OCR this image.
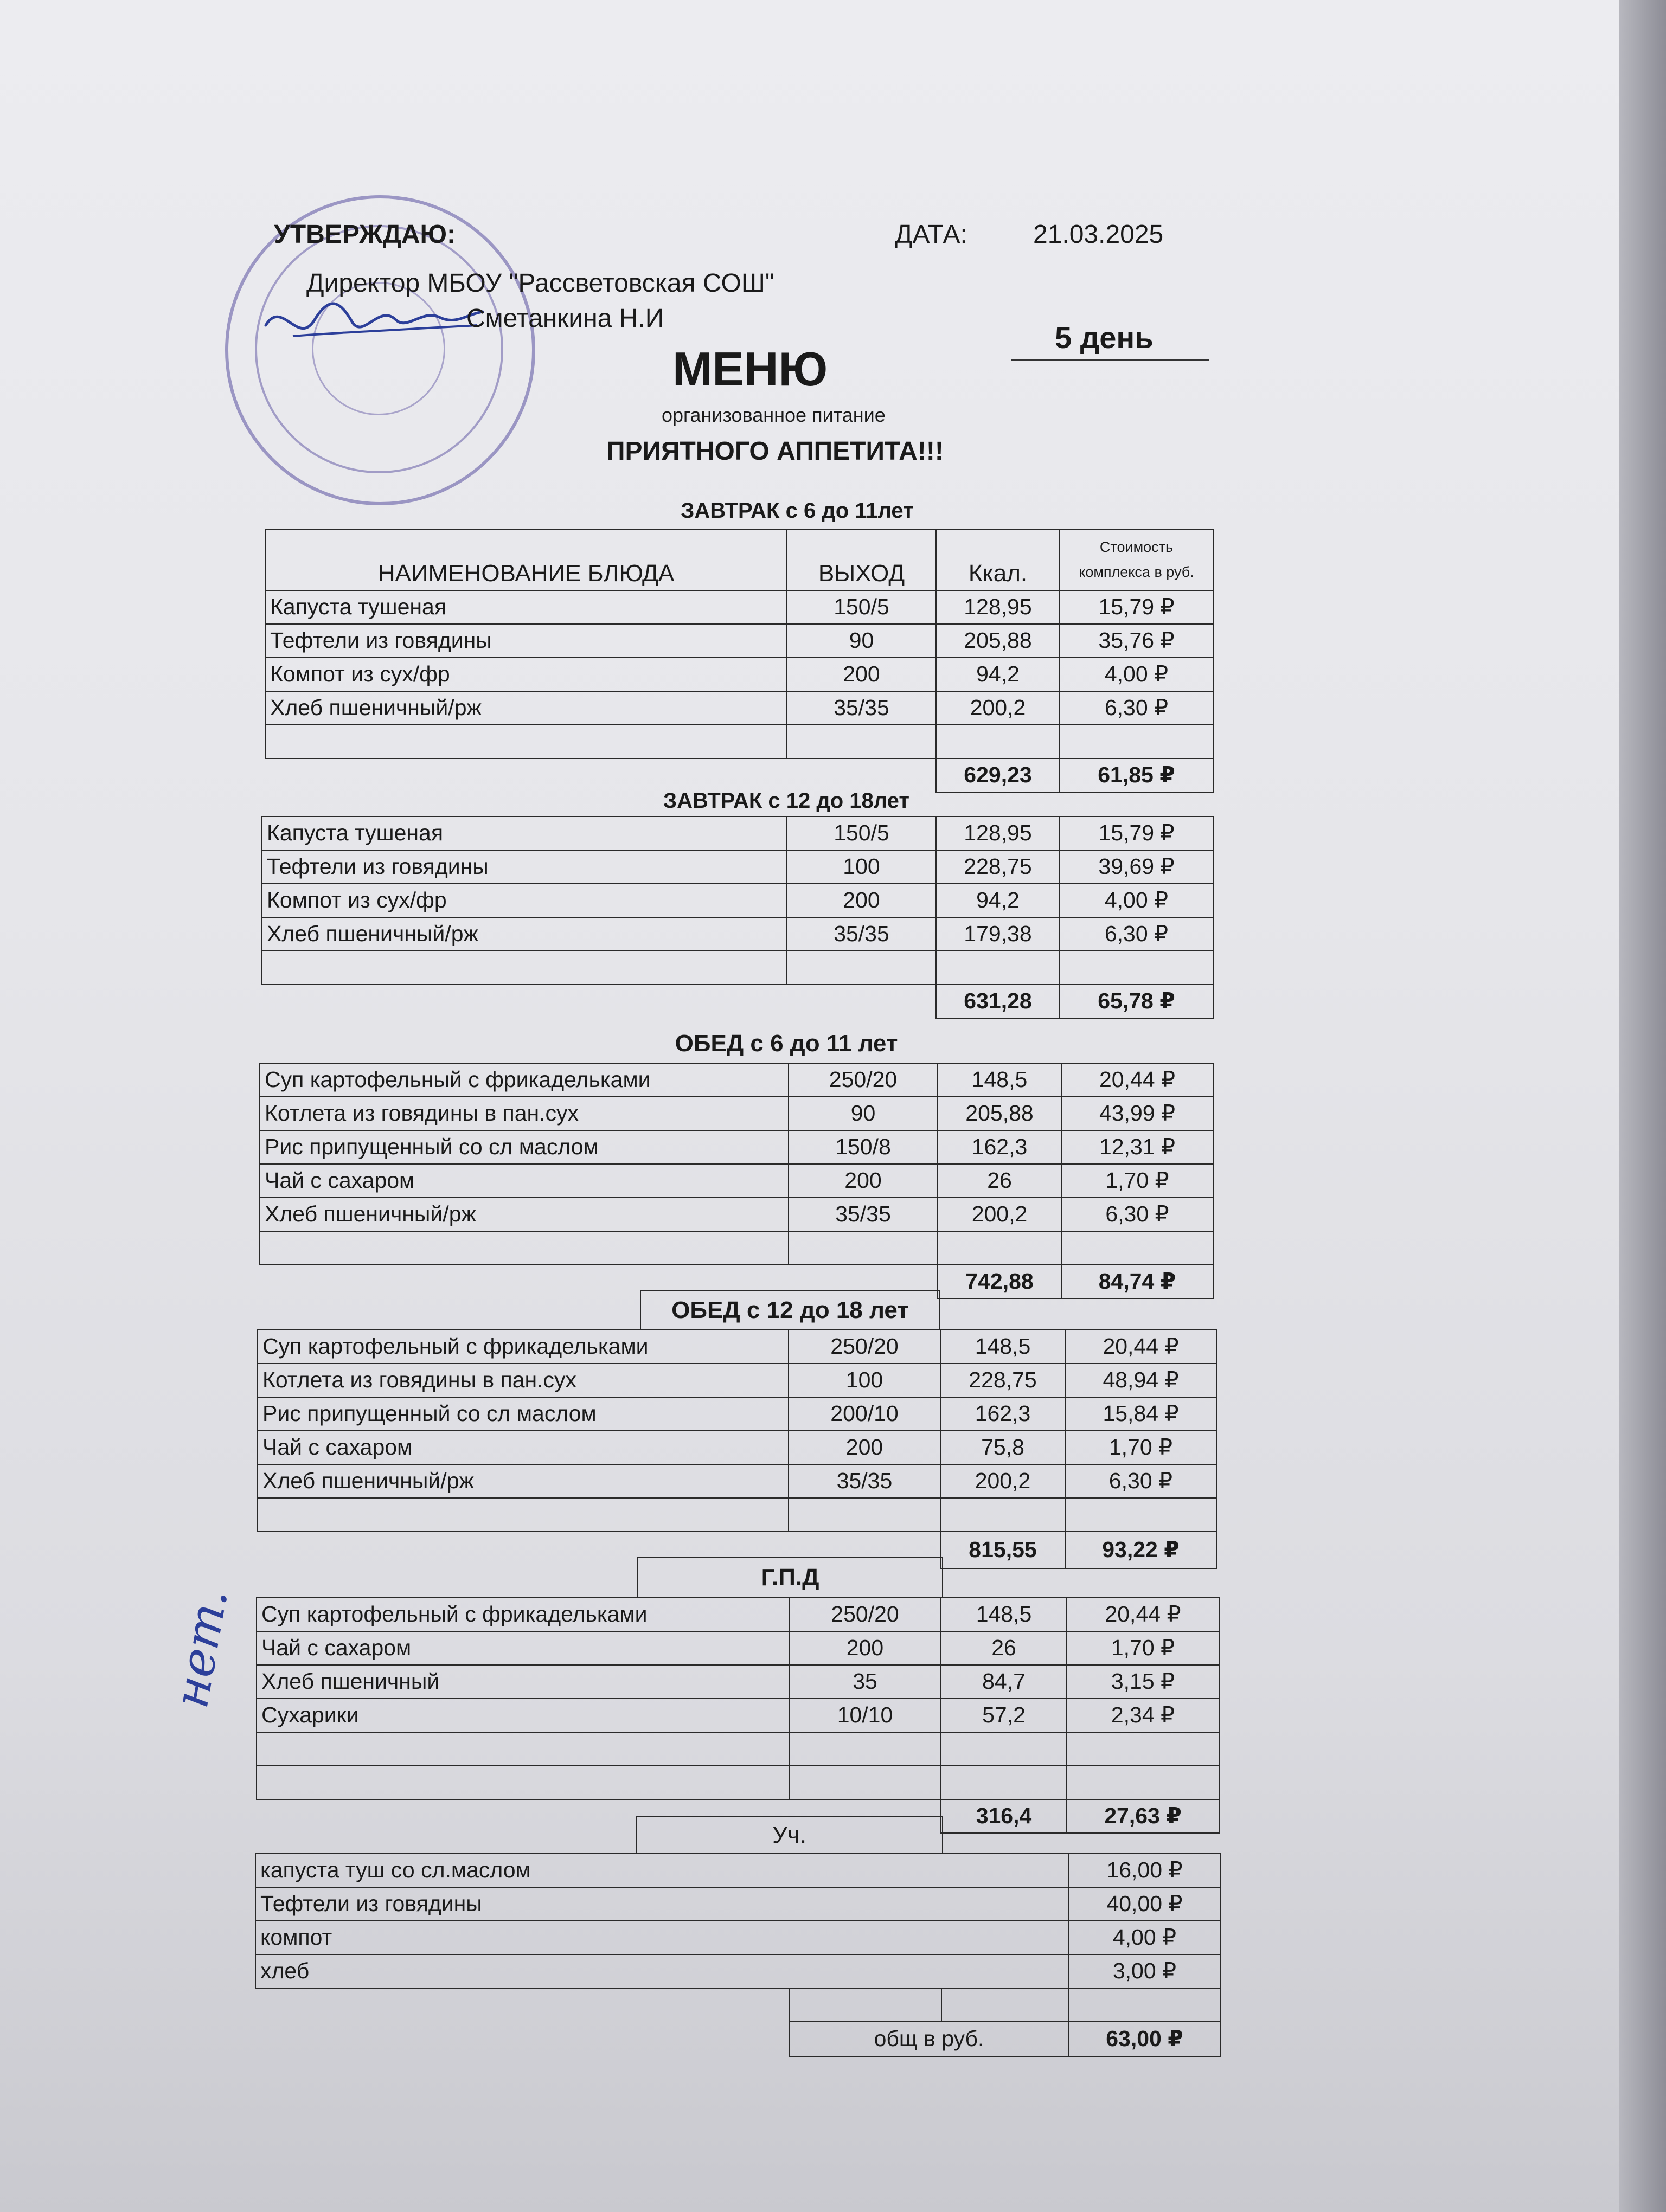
УТВЕРЖДАЮ:	ДАТА:	21.03.2025
Директор МБОУ "Рассветовская СОШ"
Сметанкина Н.И
5 день
МЕНЮ
организованное питание
ПРИЯТНОГО АППЕТИТА!!!
ЗАВТРАК с 6 до 11лет
НАИМЕНОВАНИЕ БЛЮДА	ВЫХОД	Ккал.	Стоимость
комплекса в руб.
Капуста тушеная	150/5	128,95	15,79 ₽
Тефтели из говядины	90	205,88	35,76 ₽
Компот из сух/фр	200	94,2	4,00 ₽
Хлеб пшеничный/рж	35/35	200,2	6,30 ₽

		629,23	61,85 ₽
ЗАВТРАК с 12 до 18лет
Капуста тушеная	150/5	128,95	15,79 ₽
Тефтели из говядины	100	228,75	39,69 ₽
Компот из сух/фр	200	94,2	4,00 ₽
Хлеб пшеничный/рж	35/35	179,38	6,30 ₽

		631,28	65,78 ₽
ОБЕД с 6 до 11 лет
Суп картофельный с фрикадельками	250/20	148,5	20,44 ₽
Котлета из говядины в пан.сух	90	205,88	43,99 ₽
Рис припущенный со сл маслом	150/8	162,3	12,31 ₽
Чай с сахаром	200	26	1,70 ₽
Хлеб пшеничный/рж	35/35	200,2	6,30 ₽

		742,88	84,74 ₽
ОБЕД с 12 до 18 лет
Суп картофельный с фрикадельками	250/20	148,5	20,44 ₽
Котлета из говядины в пан.сух	100	228,75	48,94 ₽
Рис припущенный со сл маслом	200/10	162,3	15,84 ₽
Чай с сахаром	200	75,8	1,70 ₽
Хлеб пшеничный/рж	35/35	200,2	6,30 ₽

		815,55	93,22 ₽
Г.П.Д
Суп картофельный с фрикадельками	250/20	148,5	20,44 ₽
Чай с сахаром	200	26	1,70 ₽
Хлеб пшеничный	35	84,7	3,15 ₽
Сухарики	10/10	57,2	2,34 ₽

		316,4	27,63 ₽
Уч.
капуста туш со сл.маслом			16,00 ₽
Тефтели из говядины			40,00 ₽
компот			4,00 ₽
хлеб			3,00 ₽

	общ в руб.		63,00 ₽
нет.
